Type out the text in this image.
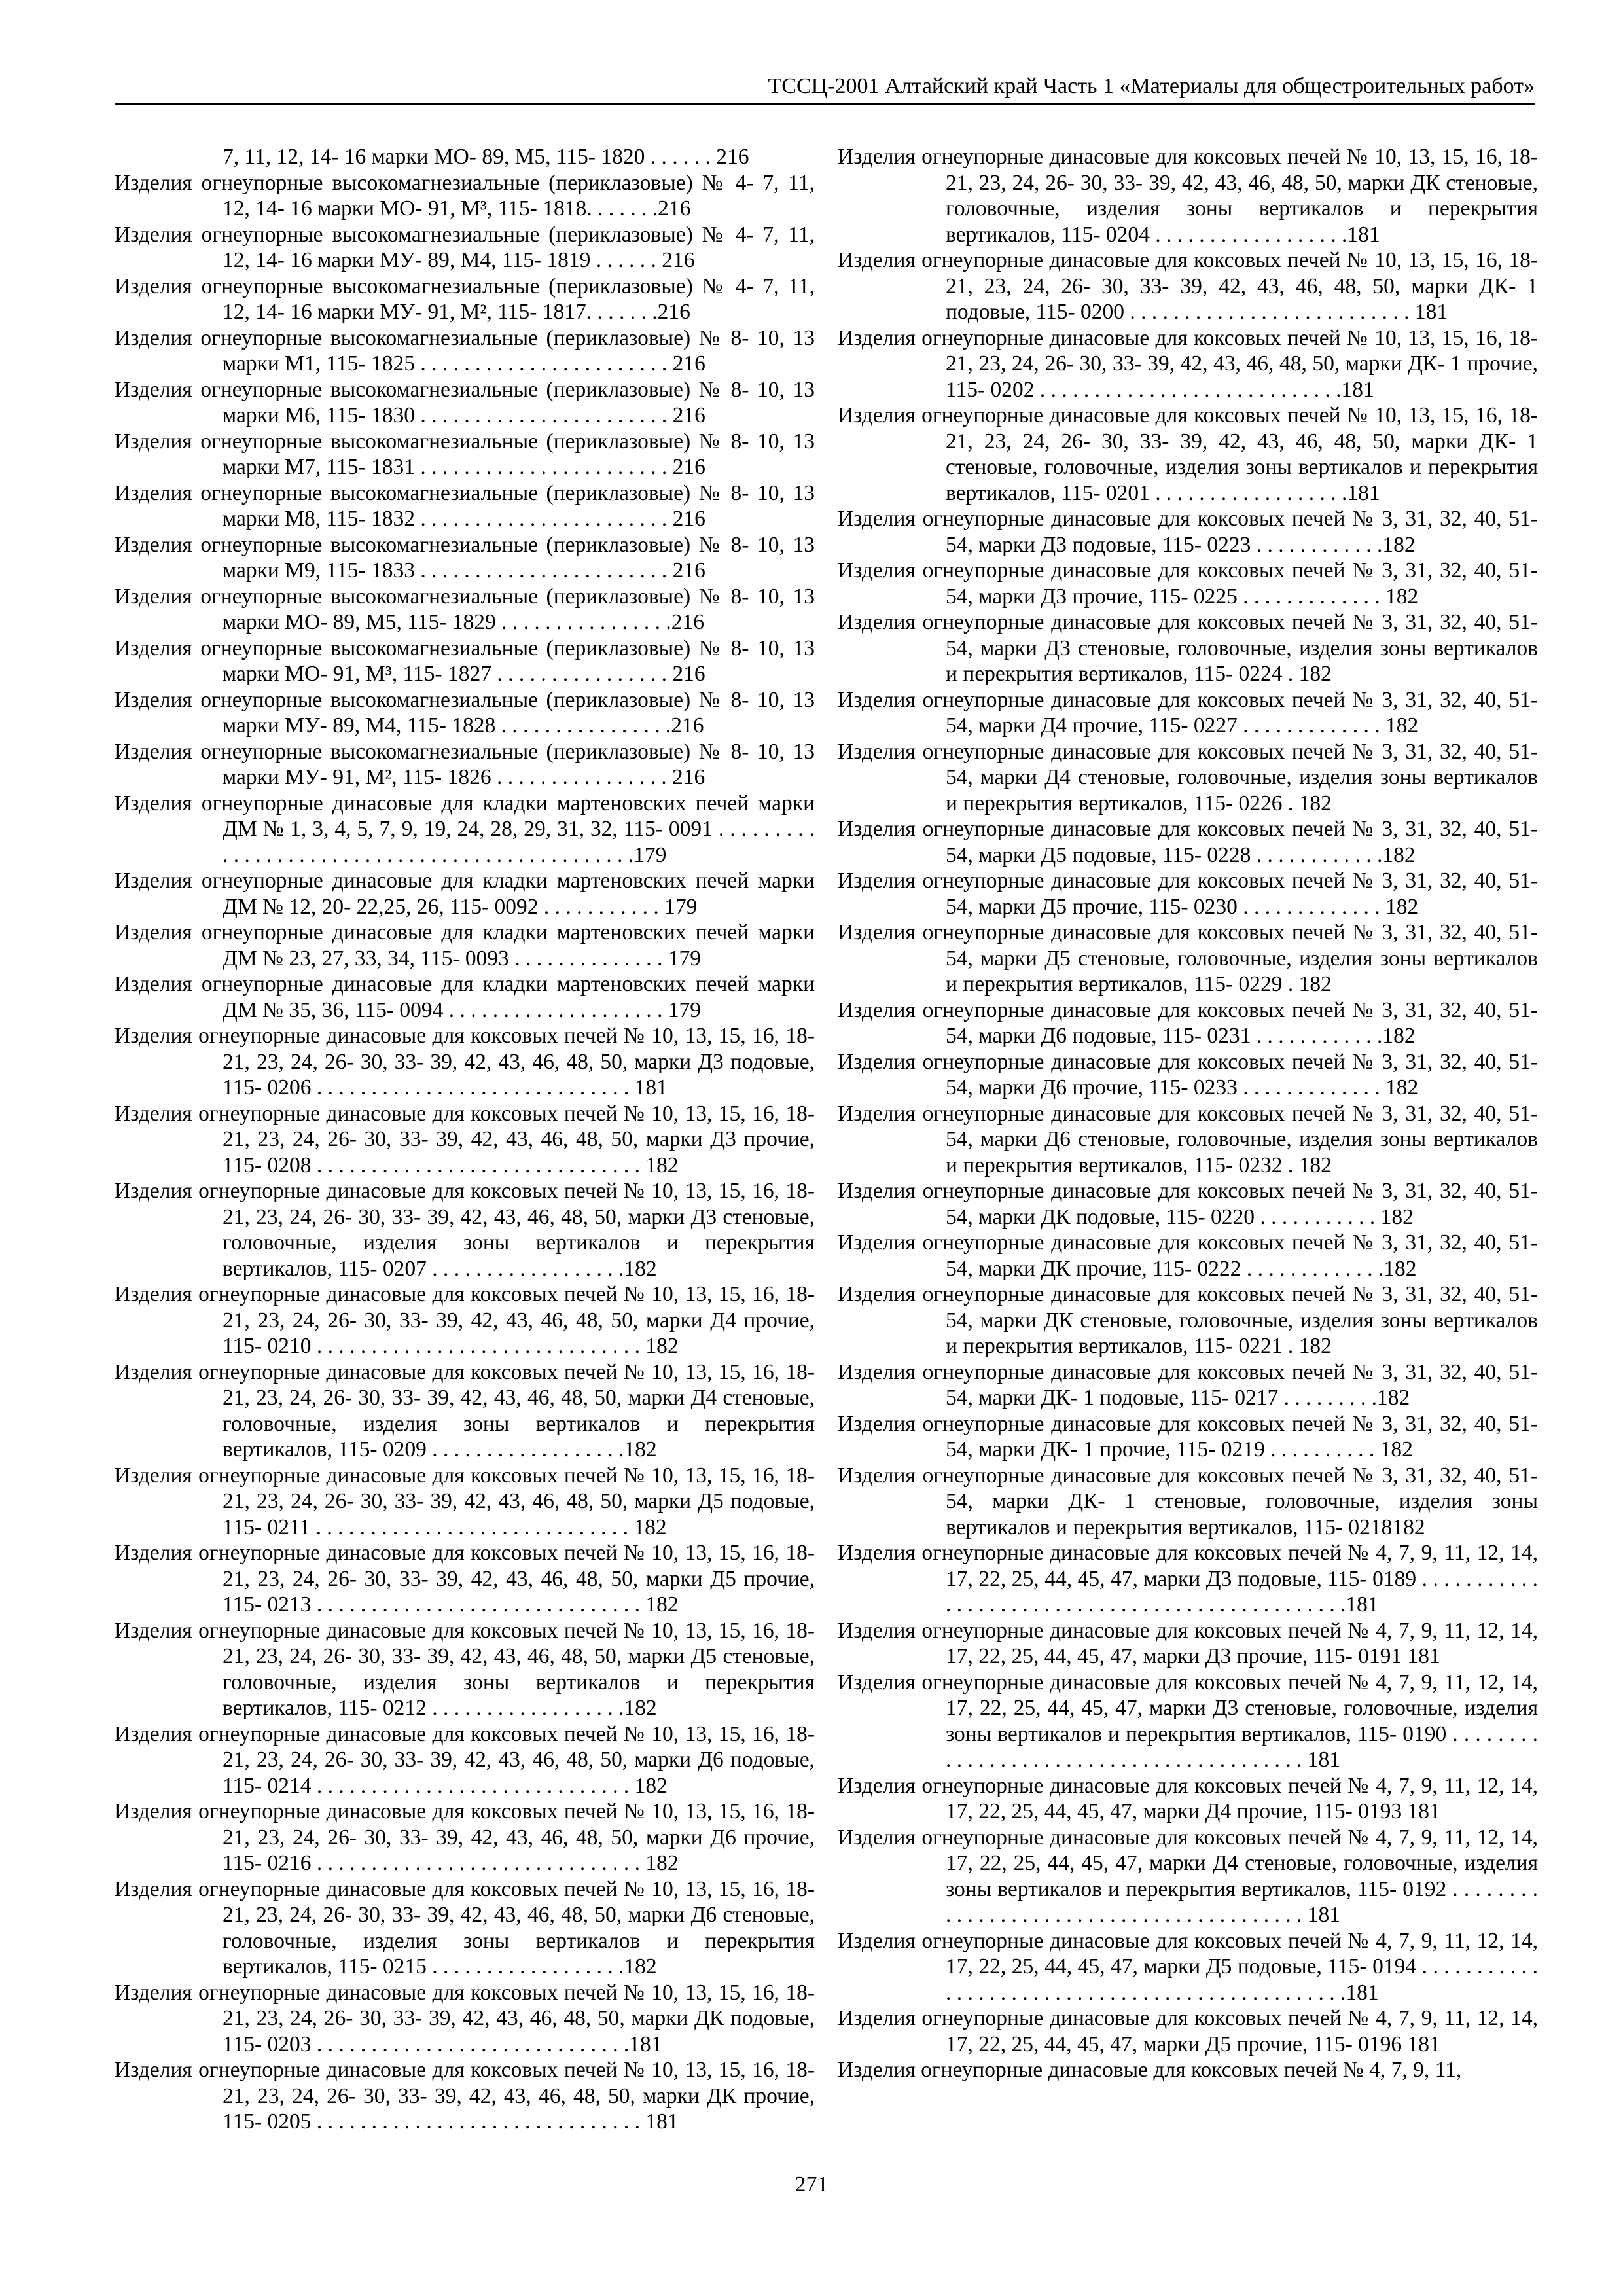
ТССЦ-2001 Алтайский край Часть 1 «Материалы для общестроительных работ»

7, 11, 12, 14- 16 марки МО- 89, М5, 115- 1820 . . . . . . 216

Изделия огнеупорные высокомагнезиальные (периклазовые) № 4- 7, 11, 12, 14- 16 марки МО- 91, М³, 115- 1818. . . . . . .216

Изделия огнеупорные высокомагнезиальные (периклазовые) № 4- 7, 11, 12, 14- 16 марки МУ- 89, М4, 115- 1819 . . . . . . 216

Изделия огнеупорные высокомагнезиальные (периклазовые) № 4- 7, 11, 12, 14- 16 марки МУ- 91, М², 115- 1817. . . . . . .216

Изделия огнеупорные высокомагнезиальные (периклазовые) № 8- 10, 13 марки М1, 115- 1825 . . . . . . . . . . . . . . . . . . . . . . . 216

Изделия огнеупорные высокомагнезиальные (периклазовые) № 8- 10, 13 марки М6, 115- 1830 . . . . . . . . . . . . . . . . . . . . . . . 216

Изделия огнеупорные высокомагнезиальные (периклазовые) № 8- 10, 13 марки М7, 115- 1831 . . . . . . . . . . . . . . . . . . . . . . . 216

Изделия огнеупорные высокомагнезиальные (периклазовые) № 8- 10, 13 марки М8, 115- 1832 . . . . . . . . . . . . . . . . . . . . . . . 216

Изделия огнеупорные высокомагнезиальные (периклазовые) № 8- 10, 13 марки М9, 115- 1833 . . . . . . . . . . . . . . . . . . . . . . . 216

Изделия огнеупорные высокомагнезиальные (периклазовые) № 8- 10, 13 марки МО- 89, М5, 115- 1829 . . . . . . . . . . . . . . . .216

Изделия огнеупорные высокомагнезиальные (периклазовые) № 8- 10, 13 марки МО- 91, М³, 115- 1827 . . . . . . . . . . . . . . . . 216

Изделия огнеупорные высокомагнезиальные (периклазовые) № 8- 10, 13 марки МУ- 89, М4, 115- 1828 . . . . . . . . . . . . . . . .216

Изделия огнеупорные высокомагнезиальные (периклазовые) № 8- 10, 13 марки МУ- 91, М², 115- 1826 . . . . . . . . . . . . . . . . 216

Изделия огнеупорные динасовые для кладки мартеновских печей марки ДМ № 1, 3, 4, 5, 7, 9, 19, 24, 28, 29, 31, 32, 115- 0091 . . . . . . . . . . . . . . . . . . . . . . . . . . . . . . . . . . . . . . . . . . . . . . .179

Изделия огнеупорные динасовые для кладки мартеновских печей марки ДМ № 12, 20- 22,25, 26, 115- 0092 . . . . . . . . . . . 179

Изделия огнеупорные динасовые для кладки мартеновских печей марки ДМ № 23, 27, 33, 34, 115- 0093 . . . . . . . . . . . . . . 179

Изделия огнеупорные динасовые для кладки мартеновских печей марки ДМ № 35, 36, 115- 0094 . . . . . . . . . . . . . . . . . . . . 179

Изделия огнеупорные динасовые для коксовых печей № 10, 13, 15, 16, 18- 21, 23, 24, 26- 30, 33- 39, 42, 43, 46, 48, 50, марки Д3 подовые, 115- 0206 . . . . . . . . . . . . . . . . . . . . . . . . . . . . . 181

Изделия огнеупорные динасовые для коксовых печей № 10, 13, 15, 16, 18- 21, 23, 24, 26- 30, 33- 39, 42, 43, 46, 48, 50, марки Д3 прочие, 115- 0208 . . . . . . . . . . . . . . . . . . . . . . . . . . . . . . 182

Изделия огнеупорные динасовые для коксовых печей № 10, 13, 15, 16, 18- 21, 23, 24, 26- 30, 33- 39, 42, 43, 46, 48, 50, марки Д3 стеновые, головочные, изделия зоны вертикалов и перекрытия вертикалов, 115- 0207 . . . . . . . . . . . . . . . . . .182

Изделия огнеупорные динасовые для коксовых печей № 10, 13, 15, 16, 18- 21, 23, 24, 26- 30, 33- 39, 42, 43, 46, 48, 50, марки Д4 прочие, 115- 0210 . . . . . . . . . . . . . . . . . . . . . . . . . . . . . . 182

Изделия огнеупорные динасовые для коксовых печей № 10, 13, 15, 16, 18- 21, 23, 24, 26- 30, 33- 39, 42, 43, 46, 48, 50, марки Д4 стеновые, головочные, изделия зоны вертикалов и перекрытия вертикалов, 115- 0209 . . . . . . . . . . . . . . . . . .182

Изделия огнеупорные динасовые для коксовых печей № 10, 13, 15, 16, 18- 21, 23, 24, 26- 30, 33- 39, 42, 43, 46, 48, 50, марки Д5 подовые, 115- 0211 . . . . . . . . . . . . . . . . . . . . . . . . . . . . . 182

Изделия огнеупорные динасовые для коксовых печей № 10, 13, 15, 16, 18- 21, 23, 24, 26- 30, 33- 39, 42, 43, 46, 48, 50, марки Д5 прочие, 115- 0213 . . . . . . . . . . . . . . . . . . . . . . . . . . . . . . 182

Изделия огнеупорные динасовые для коксовых печей № 10, 13, 15, 16, 18- 21, 23, 24, 26- 30, 33- 39, 42, 43, 46, 48, 50, марки Д5 стеновые, головочные, изделия зоны вертикалов и перекрытия вертикалов, 115- 0212 . . . . . . . . . . . . . . . . . .182

Изделия огнеупорные динасовые для коксовых печей № 10, 13, 15, 16, 18- 21, 23, 24, 26- 30, 33- 39, 42, 43, 46, 48, 50, марки Д6 подовые, 115- 0214 . . . . . . . . . . . . . . . . . . . . . . . . . . . . . 182

Изделия огнеупорные динасовые для коксовых печей № 10, 13, 15, 16, 18- 21, 23, 24, 26- 30, 33- 39, 42, 43, 46, 48, 50, марки Д6 прочие, 115- 0216 . . . . . . . . . . . . . . . . . . . . . . . . . . . . . . 182

Изделия огнеупорные динасовые для коксовых печей № 10, 13, 15, 16, 18- 21, 23, 24, 26- 30, 33- 39, 42, 43, 46, 48, 50, марки Д6 стеновые, головочные, изделия зоны вертикалов и перекрытия вертикалов, 115- 0215 . . . . . . . . . . . . . . . . . .182

Изделия огнеупорные динасовые для коксовых печей № 10, 13, 15, 16, 18- 21, 23, 24, 26- 30, 33- 39, 42, 43, 46, 48, 50, марки ДК подовые, 115- 0203 . . . . . . . . . . . . . . . . . . . . . . . . . . . . .181

Изделия огнеупорные динасовые для коксовых печей № 10, 13, 15, 16, 18- 21, 23, 24, 26- 30, 33- 39, 42, 43, 46, 48, 50, марки ДК прочие, 115- 0205 . . . . . . . . . . . . . . . . . . . . . . . . . . . . . . 181

Изделия огнеупорные динасовые для коксовых печей № 10, 13, 15, 16, 18- 21, 23, 24, 26- 30, 33- 39, 42, 43, 46, 48, 50, марки ДК стеновые, головочные, изделия зоны вертикалов и перекрытия вертикалов, 115- 0204 . . . . . . . . . . . . . . . . . .181

Изделия огнеупорные динасовые для коксовых печей № 10, 13, 15, 16, 18- 21, 23, 24, 26- 30, 33- 39, 42, 43, 46, 48, 50, марки ДК- 1 подовые, 115- 0200 . . . . . . . . . . . . . . . . . . . . . . . . . . 181

Изделия огнеупорные динасовые для коксовых печей № 10, 13, 15, 16, 18- 21, 23, 24, 26- 30, 33- 39, 42, 43, 46, 48, 50, марки ДК- 1 прочие, 115- 0202 . . . . . . . . . . . . . . . . . . . . . . . . . . . .181

Изделия огнеупорные динасовые для коксовых печей № 10, 13, 15, 16, 18- 21, 23, 24, 26- 30, 33- 39, 42, 43, 46, 48, 50, марки ДК- 1 стеновые, головочные, изделия зоны вертикалов и перекрытия вертикалов, 115- 0201 . . . . . . . . . . . . . . . . . .181

Изделия огнеупорные динасовые для коксовых печей № 3, 31, 32, 40, 51- 54, марки Д3 подовые, 115- 0223 . . . . . . . . . . . .182

Изделия огнеупорные динасовые для коксовых печей № 3, 31, 32, 40, 51- 54, марки Д3 прочие, 115- 0225 . . . . . . . . . . . . . 182

Изделия огнеупорные динасовые для коксовых печей № 3, 31, 32, 40, 51- 54, марки Д3 стеновые, головочные, изделия зоны вертикалов и перекрытия вертикалов, 115- 0224 . 182

Изделия огнеупорные динасовые для коксовых печей № 3, 31, 32, 40, 51- 54, марки Д4 прочие, 115- 0227 . . . . . . . . . . . . . 182

Изделия огнеупорные динасовые для коксовых печей № 3, 31, 32, 40, 51- 54, марки Д4 стеновые, головочные, изделия зоны вертикалов и перекрытия вертикалов, 115- 0226 . 182

Изделия огнеупорные динасовые для коксовых печей № 3, 31, 32, 40, 51- 54, марки Д5 подовые, 115- 0228 . . . . . . . . . . . .182

Изделия огнеупорные динасовые для коксовых печей № 3, 31, 32, 40, 51- 54, марки Д5 прочие, 115- 0230 . . . . . . . . . . . . . 182

Изделия огнеупорные динасовые для коксовых печей № 3, 31, 32, 40, 51- 54, марки Д5 стеновые, головочные, изделия зоны вертикалов и перекрытия вертикалов, 115- 0229 . 182

Изделия огнеупорные динасовые для коксовых печей № 3, 31, 32, 40, 51- 54, марки Д6 подовые, 115- 0231 . . . . . . . . . . . .182

Изделия огнеупорные динасовые для коксовых печей № 3, 31, 32, 40, 51- 54, марки Д6 прочие, 115- 0233 . . . . . . . . . . . . . 182

Изделия огнеупорные динасовые для коксовых печей № 3, 31, 32, 40, 51- 54, марки Д6 стеновые, головочные, изделия зоны вертикалов и перекрытия вертикалов, 115- 0232 . 182

Изделия огнеупорные динасовые для коксовых печей № 3, 31, 32, 40, 51- 54, марки ДК подовые, 115- 0220 . . . . . . . . . . . 182

Изделия огнеупорные динасовые для коксовых печей № 3, 31, 32, 40, 51- 54, марки ДК прочие, 115- 0222 . . . . . . . . . . . . .182

Изделия огнеупорные динасовые для коксовых печей № 3, 31, 32, 40, 51- 54, марки ДК стеновые, головочные, изделия зоны вертикалов и перекрытия вертикалов, 115- 0221 . 182

Изделия огнеупорные динасовые для коксовых печей № 3, 31, 32, 40, 51- 54, марки ДК- 1 подовые, 115- 0217 . . . . . . . . .182

Изделия огнеупорные динасовые для коксовых печей № 3, 31, 32, 40, 51- 54, марки ДК- 1 прочие, 115- 0219 . . . . . . . . . . 182

Изделия огнеупорные динасовые для коксовых печей № 3, 31, 32, 40, 51- 54, марки ДК- 1 стеновые, головочные, изделия зоны вертикалов и перекрытия вертикалов, 115- 0218182

Изделия огнеупорные динасовые для коксовых печей № 4, 7, 9, 11, 12, 14, 17, 22, 25, 44, 45, 47, марки Д3 подовые, 115- 0189 . . . . . . . . . . . . . . . . . . . . . . . . . . . . . . . . . . . . . . . . . . . . . . . .181

Изделия огнеупорные динасовые для коксовых печей № 4, 7, 9, 11, 12, 14, 17, 22, 25, 44, 45, 47, марки Д3 прочие, 115- 0191 181

Изделия огнеупорные динасовые для коксовых печей № 4, 7, 9, 11, 12, 14, 17, 22, 25, 44, 45, 47, марки Д3 стеновые, головочные, изделия зоны вертикалов и перекрытия вертикалов, 115- 0190 . . . . . . . . . . . . . . . . . . . . . . . . . . . . . . . . . . . . . . . . . 181

Изделия огнеупорные динасовые для коксовых печей № 4, 7, 9, 11, 12, 14, 17, 22, 25, 44, 45, 47, марки Д4 прочие, 115- 0193 181

Изделия огнеупорные динасовые для коксовых печей № 4, 7, 9, 11, 12, 14, 17, 22, 25, 44, 45, 47, марки Д4 стеновые, головочные, изделия зоны вертикалов и перекрытия вертикалов, 115- 0192 . . . . . . . . . . . . . . . . . . . . . . . . . . . . . . . . . . . . . . . . . 181

Изделия огнеупорные динасовые для коксовых печей № 4, 7, 9, 11, 12, 14, 17, 22, 25, 44, 45, 47, марки Д5 подовые, 115- 0194 . . . . . . . . . . . . . . . . . . . . . . . . . . . . . . . . . . . . . . . . . . . . . . . .181

Изделия огнеупорные динасовые для коксовых печей № 4, 7, 9, 11, 12, 14, 17, 22, 25, 44, 45, 47, марки Д5 прочие, 115- 0196 181

Изделия огнеупорные динасовые для коксовых печей № 4, 7, 9, 11,

271
